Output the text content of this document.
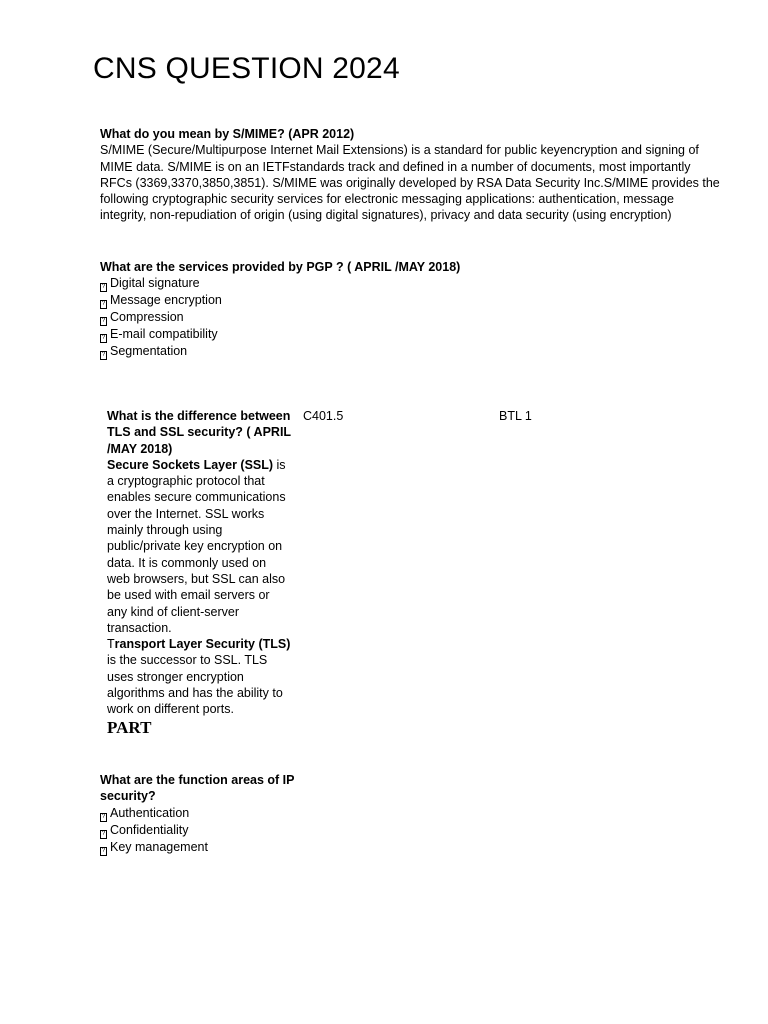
CNS QUESTION 2024
What do you mean by S/MIME? (APR 2012)
S/MIME (Secure/Multipurpose Internet Mail Extensions) is a standard for public keyencryption and signing of MIME data. S/MIME is on an IETFstandards track and defined in a number of documents, most importantly RFCs (3369,3370,3850,3851). S/MIME was originally developed by RSA Data Security Inc.S/MIME provides the following cryptographic security services for electronic messaging applications: authentication, message integrity, non-repudiation of origin (using digital signatures), privacy and data security (using encryption)
What are the services provided by PGP ? ( APRIL /MAY 2018)
? Digital signature
? Message encryption
? Compression
? E-mail compatibility
? Segmentation
What is the difference between TLS and SSL security? ( APRIL /MAY 2018)
Secure Sockets Layer (SSL) is a cryptographic protocol that enables secure communications over the Internet. SSL works mainly through using public/private key encryption on data. It is commonly used on web browsers, but SSL can also be used with email servers or any kind of client-server transaction.
Transport Layer Security (TLS) is the successor to SSL. TLS uses stronger encryption algorithms and has the ability to work on different ports.
PART
C401.5	BTL 1
What are the function areas of IP security?
? Authentication
? Confidentiality
? Key management
